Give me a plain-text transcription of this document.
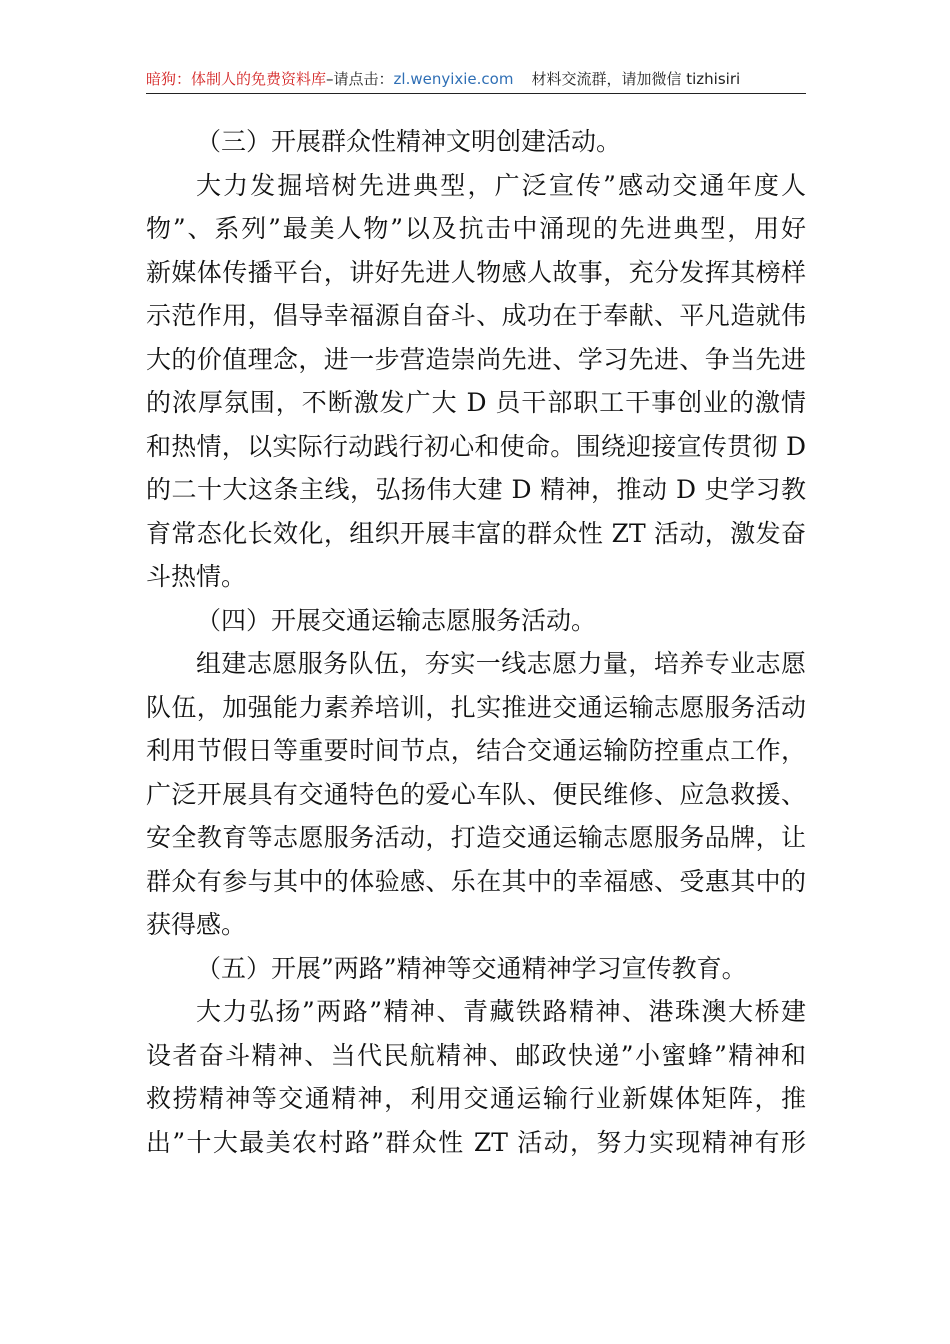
暗狗：体制人的免费资料库–请点击：zl.wenyixie.com 材料交流群，请加微信 tizhisiri
（三）开展群众性精神文明创建活动。
大力发掘培树先进典型，广泛宣传”感动交通年度人
物”、系列”最美人物”以及抗击中涌现的先进典型，用好
新媒体传播平台，讲好先进人物感人故事，充分发挥其榜样
示范作用，倡导幸福源自奋斗、成功在于奉献、平凡造就伟
大的价值理念，进一步营造崇尚先进、学习先进、争当先进
的浓厚氛围，不断激发广大 D 员干部职工干事创业的激情
和热情，以实际行动践行初心和使命。围绕迎接宣传贯彻 D
的二十大这条主线，弘扬伟大建 D 精神，推动 D 史学习教
育常态化长效化，组织开展丰富的群众性 ZT 活动，激发奋
斗热情。
（四）开展交通运输志愿服务活动。
组建志愿服务队伍，夯实一线志愿力量，培养专业志愿
队伍，加强能力素养培训，扎实推进交通运输志愿服务活动
利用节假日等重要时间节点，结合交通运输防控重点工作，
广泛开展具有交通特色的爱心车队、便民维修、应急救援、
安全教育等志愿服务活动，打造交通运输志愿服务品牌，让
群众有参与其中的体验感、乐在其中的幸福感、受惠其中的
获得感。
（五）开展”两路”精神等交通精神学习宣传教育。
大力弘扬”两路”精神、青藏铁路精神、港珠澳大桥建
设者奋斗精神、当代民航精神、邮政快递”小蜜蜂”精神和
救捞精神等交通精神，利用交通运输行业新媒体矩阵，推
出”十大最美农村路”群众性 ZT 活动，努力实现精神有形
